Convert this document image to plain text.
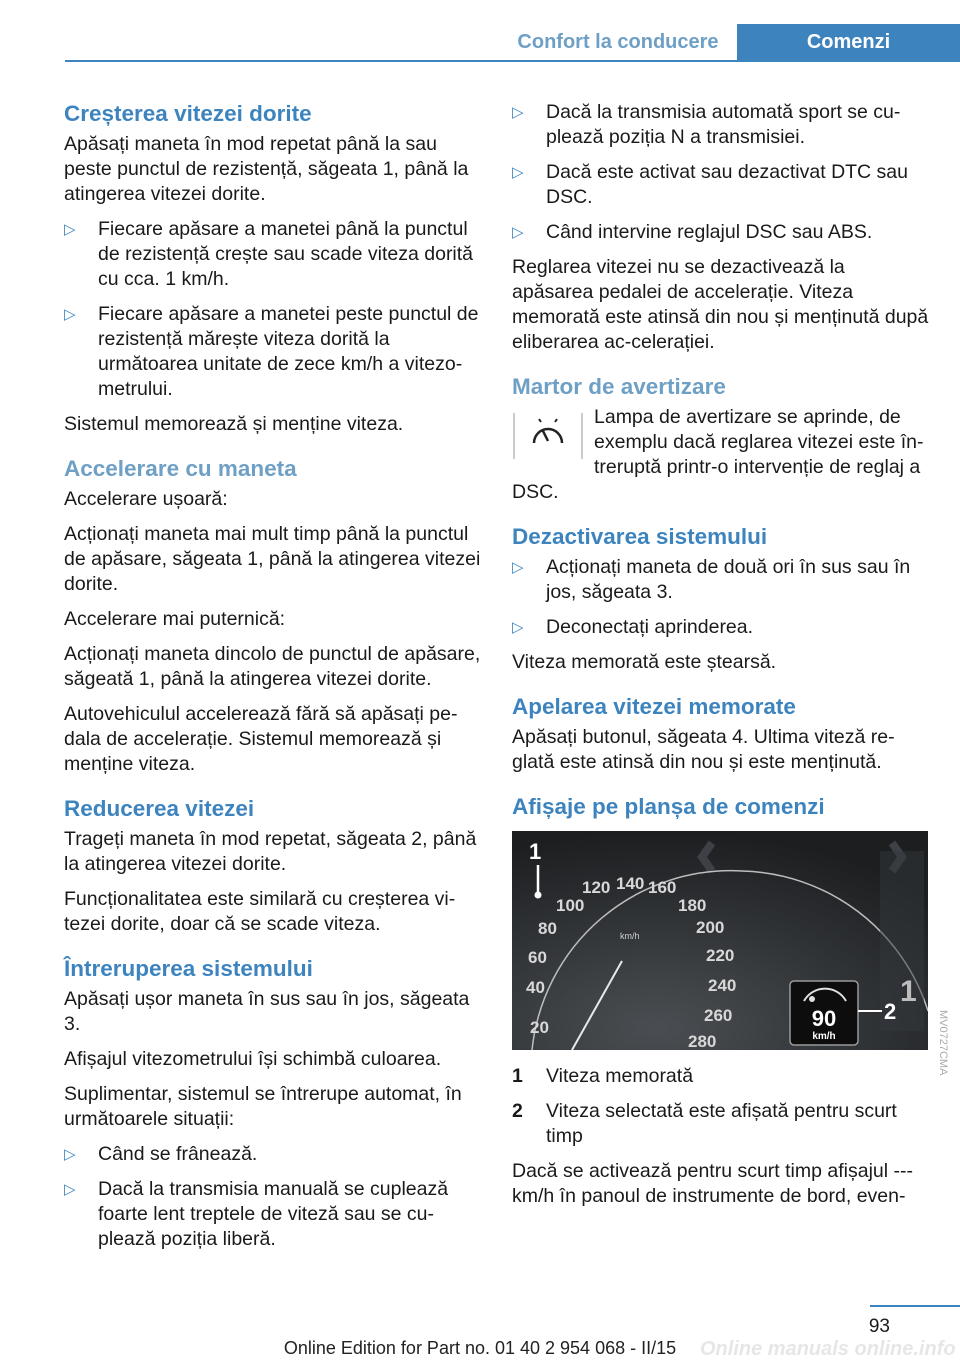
Confort la conducere	Comenzi
Creșterea vitezei dorite

Apăsați maneta în mod repetat până la sau peste punctul de rezistență, săgeata 1, până la atingerea vitezei dorite.

▷ Fiecare apăsare a manetei până la punctul de rezistență crește sau scade viteza dorită cu cca. 1 km/h.
▷ Fiecare apăsare a manetei peste punctul de rezistență mărește viteza dorită la următoarea unitate de zece km/h a vitezo‐metrului.

Sistemul memorează și menține viteza.

Accelerare cu maneta

Accelerare ușoară:

Acționați maneta mai mult timp până la punctul de apăsare, săgeata 1, până la atingerea vitezei dorite.

Accelerare mai puternică:

Acționați maneta dincolo de punctul de apăsare, săgeată 1, până la atingerea vitezei dorite.

Autovehiculul accelerează fără să apăsați pe‐dala de accelerație. Sistemul memorează și menține viteza.

Reducerea vitezei

Trageți maneta în mod repetat, săgeata 2, până la atingerea vitezei dorite.

Funcționalitatea este similară cu creșterea vi‐tezei dorite, doar că se scade viteza.

Întreruperea sistemului

Apăsați ușor maneta în sus sau în jos, săgeata 3.

Afișajul vitezometrului își schimbă culoarea.

Suplimentar, sistemul se întrerupe automat, în următoarele situații:

▷ Când se frânează.
▷ Dacă la transmisia manuală se cuplează foarte lent treptele de viteză sau se cu‐plează poziția liberă.
▷ Dacă la transmisia automată sport se cu‐plează poziția N a transmisiei.
▷ Dacă este activat sau dezactivat DTC sau DSC.
▷ Când intervine reglajul DSC sau ABS.

Reglarea vitezei nu se dezactivează la apăsarea pedalei de accelerație. Viteza memorată este atinsă din nou și menținută după eliberarea ac‐celerației.

Martor de avertizare
Lampa de avertizare se aprinde, de exemplu dacă reglarea vitezei este în‐treruptă printr-o intervenție de reglaj a DSC.
Dezactivarea sistemului
▷ Acționați maneta de două ori în sus sau în jos, săgeata 3.
▷ Deconectați aprinderea.

Viteza memorată este ștearsă.

Apelarea vitezei memorate

Apăsați butonul, săgeata 4. Ultima viteză re‐glată este atinsă din nou și este menținută.

Afișaje pe planșa de comenzi
20
40
60
80
100
120 140 160
180
200
220
240
260
280
km/h
1
1
90
km/h
2
1 Viteza memorată
2 Viteza selectată este afișată pentru scurt timp

Dacă se activează pentru scurt timp afișajul --- km/h în panoul de instrumente de bord, even‐

MV0727CMA
93
Online Edition for Part no. 01 40 2 954 068 - II/15	Online manuals online.info
